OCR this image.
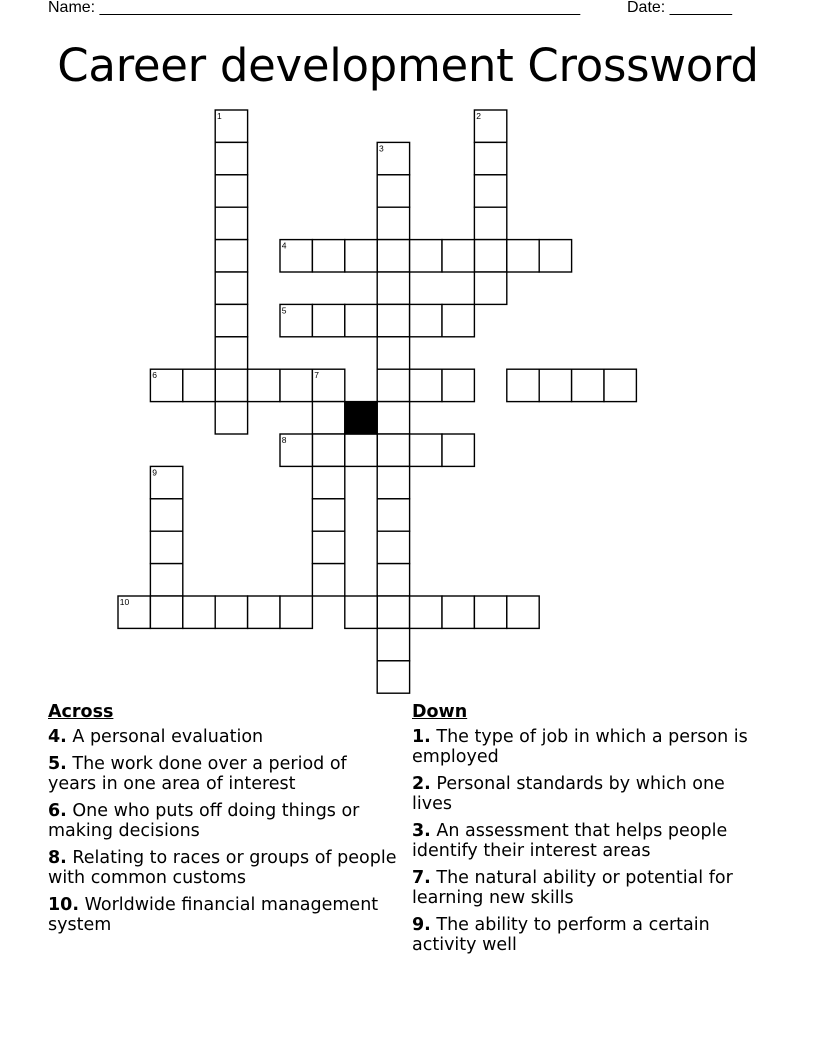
Name: ______________________________________________________	Date: _______
Career development Crossword
1	2
3
4
5
6	7
8
9
10
Across
4. A personal evaluation
5. The work done over a period of years in one area of interest
6. One who puts off doing things or making decisions
8. Relating to races or groups of people with common customs
10. Worldwide financial management system
Down
1. The type of job in which a person is employed
2. Personal standards by which one lives
3. An assessment that helps people identify their interest areas
7. The natural ability or potential for learning new skills
9. The ability to perform a certain activity well
